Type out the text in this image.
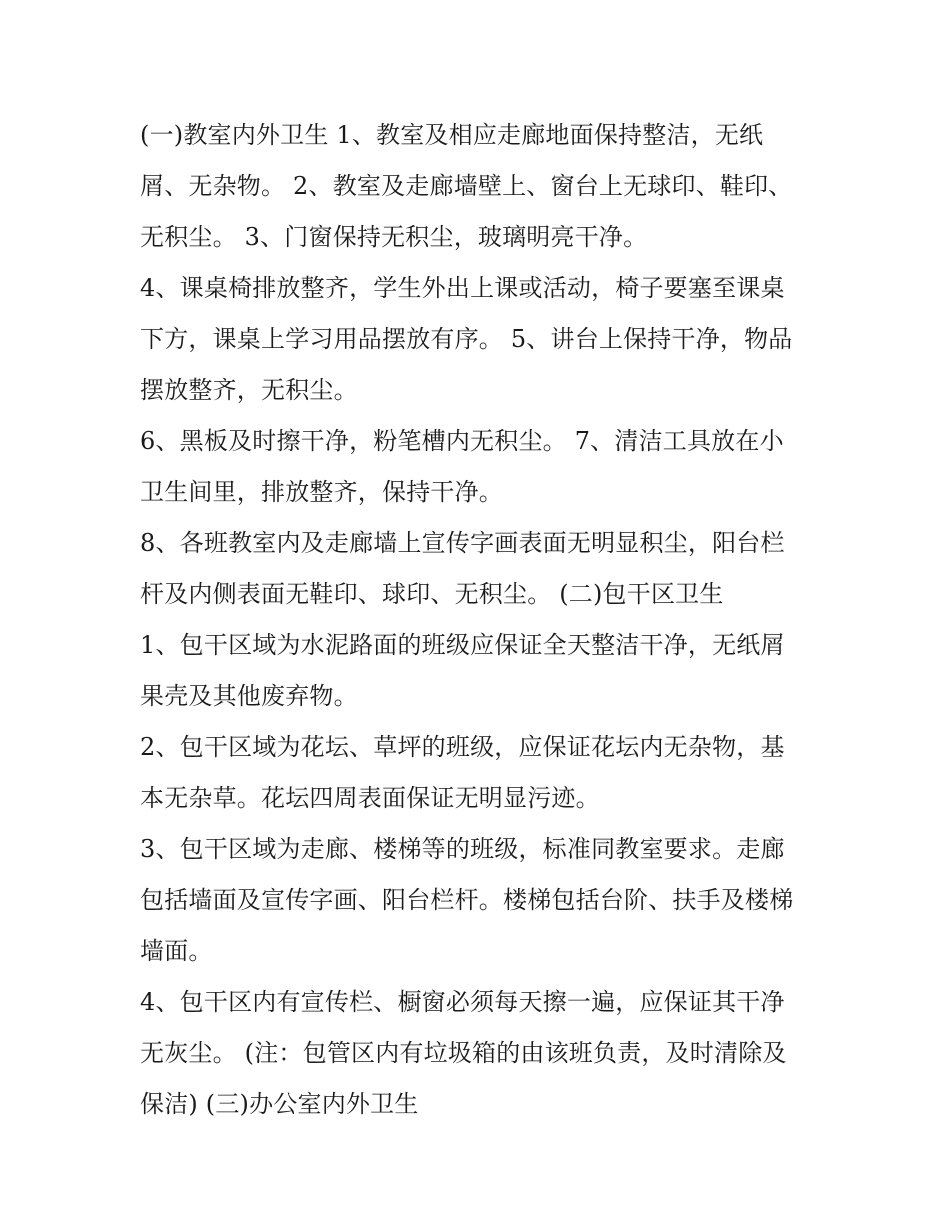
(一)教室内外卫生 1、教室及相应走廊地面保持整洁，无纸
屑、无杂物。 2、教室及走廊墙壁上、窗台上无球印、鞋印、
无积尘。 3、门窗保持无积尘，玻璃明亮干净。
4、课桌椅排放整齐，学生外出上课或活动，椅子要塞至课桌
下方，课桌上学习用品摆放有序。 5、讲台上保持干净，物品
摆放整齐，无积尘。
6、黑板及时擦干净，粉笔槽内无积尘。 7、清洁工具放在小
卫生间里，排放整齐，保持干净。
8、各班教室内及走廊墙上宣传字画表面无明显积尘，阳台栏
杆及内侧表面无鞋印、球印、无积尘。 (二)包干区卫生
1、包干区域为水泥路面的班级应保证全天整洁干净，无纸屑
果壳及其他废弃物。
2、包干区域为花坛、草坪的班级，应保证花坛内无杂物，基
本无杂草。花坛四周表面保证无明显污迹。
3、包干区域为走廊、楼梯等的班级，标准同教室要求。走廊
包括墙面及宣传字画、阳台栏杆。楼梯包括台阶、扶手及楼梯
墙面。
4、包干区内有宣传栏、橱窗必须每天擦一遍，应保证其干净
无灰尘。 (注：包管区内有垃圾箱的由该班负责，及时清除及
保洁) (三)办公室内外卫生
